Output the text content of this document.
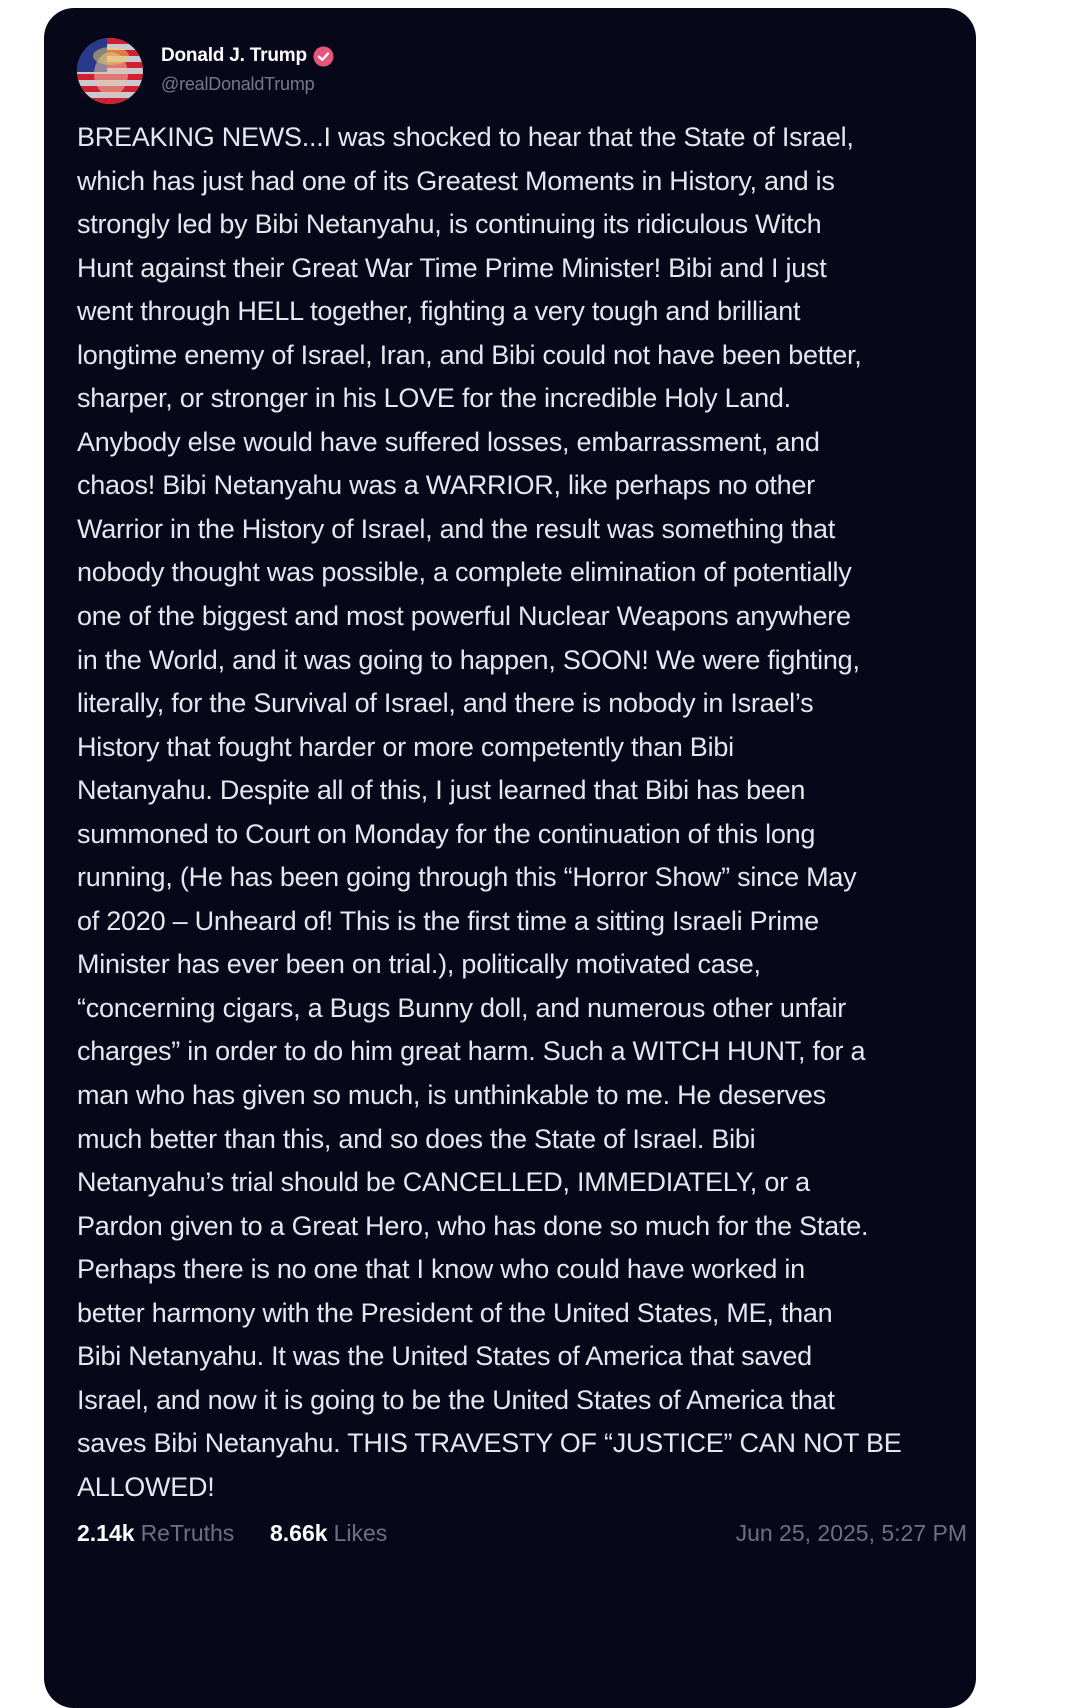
Donald J. Trump
@realDonaldTrump
BREAKING NEWS...I was shocked to hear that the State of Israel,
which has just had one of its Greatest Moments in History, and is
strongly led by Bibi Netanyahu, is continuing its ridiculous Witch
Hunt against their Great War Time Prime Minister! Bibi and I just
went through HELL together, fighting a very tough and brilliant
longtime enemy of Israel, Iran, and Bibi could not have been better,
sharper, or stronger in his LOVE for the incredible Holy Land.
Anybody else would have suffered losses, embarrassment, and
chaos! Bibi Netanyahu was a WARRIOR, like perhaps no other
Warrior in the History of Israel, and the result was something that
nobody thought was possible, a complete elimination of potentially
one of the biggest and most powerful Nuclear Weapons anywhere
in the World, and it was going to happen, SOON! We were fighting,
literally, for the Survival of Israel, and there is nobody in Israel’s
History that fought harder or more competently than Bibi
Netanyahu. Despite all of this, I just learned that Bibi has been
summoned to Court on Monday for the continuation of this long
running, (He has been going through this “Horror Show” since May
of 2020 – Unheard of! This is the first time a sitting Israeli Prime
Minister has ever been on trial.), politically motivated case,
“concerning cigars, a Bugs Bunny doll, and numerous other unfair
charges” in order to do him great harm. Such a WITCH HUNT, for a
man who has given so much, is unthinkable to me. He deserves
much better than this, and so does the State of Israel. Bibi
Netanyahu’s trial should be CANCELLED, IMMEDIATELY, or a
Pardon given to a Great Hero, who has done so much for the State.
Perhaps there is no one that I know who could have worked in
better harmony with the President of the United States, ME, than
Bibi Netanyahu. It was the United States of America that saved
Israel, and now it is going to be the United States of America that
saves Bibi Netanyahu. THIS TRAVESTY OF “JUSTICE” CAN NOT BE
ALLOWED!
2.14k ReTruths 8.66k Likes	Jun 25, 2025, 5:27 PM
